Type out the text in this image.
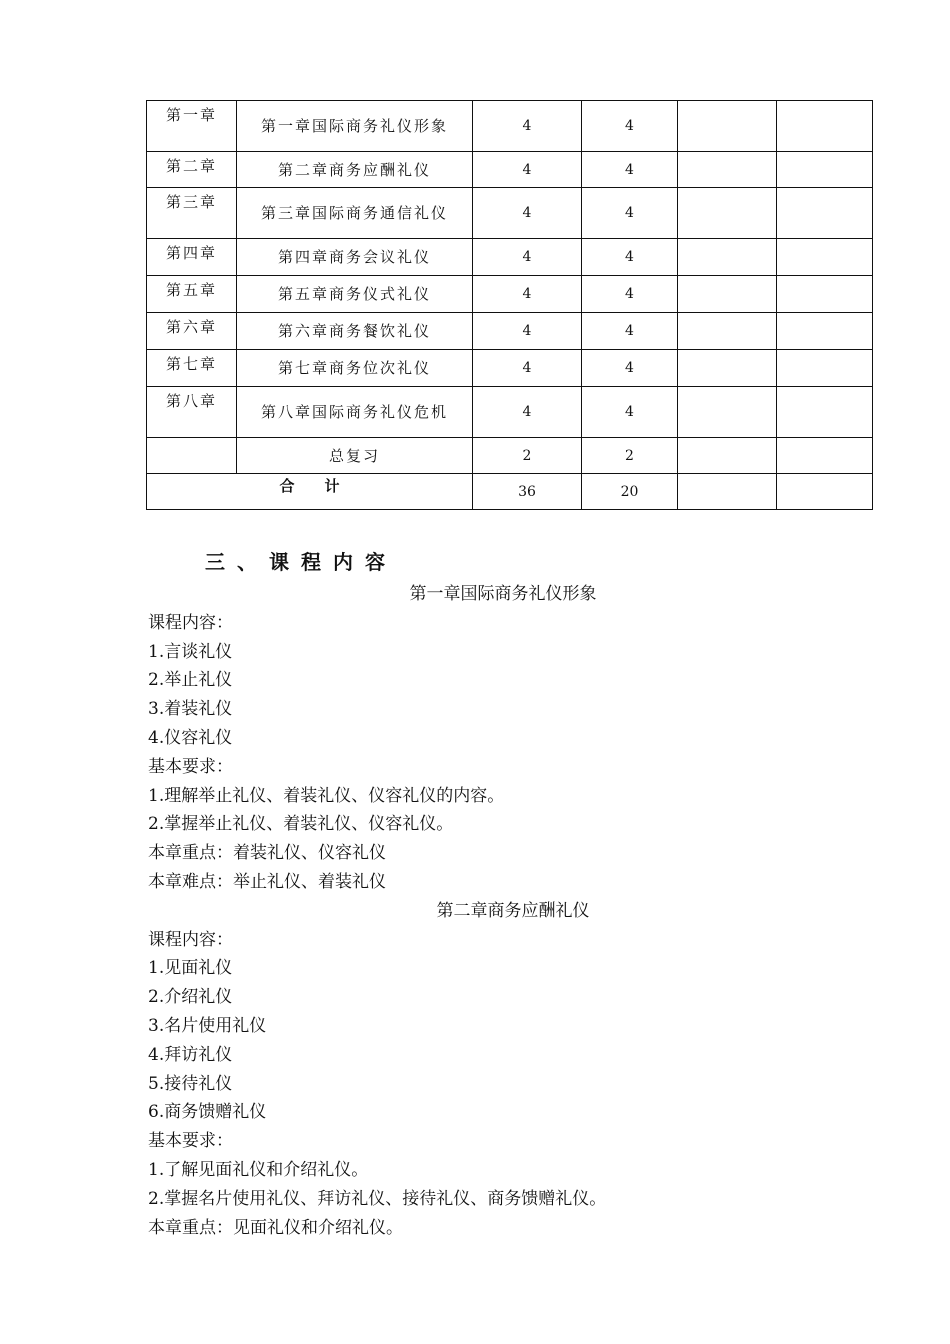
第一章	第一章国际商务礼仪形象	4	4		
第二章	第二章商务应酬礼仪	4	4		
第三章	第三章国际商务通信礼仪	4	4		
第四章	第四章商务会议礼仪	4	4		
第五章	第五章商务仪式礼仪	4	4		
第六章	第六章商务餐饮礼仪	4	4		
第七章	第七章商务位次礼仪	4	4		
第八章	第八章国际商务礼仪危机	4	4		
	总复习	2	2		
合　　计		36	20		
三、课程内容
第一章国际商务礼仪形象
课程内容：
1.言谈礼仪
2.举止礼仪
3.着装礼仪
4.仪容礼仪
基本要求：
1.理解举止礼仪、着装礼仪、仪容礼仪的内容。
2.掌握举止礼仪、着装礼仪、仪容礼仪。
本章重点：着装礼仪、仪容礼仪
本章难点：举止礼仪、着装礼仪
第二章商务应酬礼仪
课程内容：
1.见面礼仪
2.介绍礼仪
3.名片使用礼仪
4.拜访礼仪
5.接待礼仪
6.商务馈赠礼仪
基本要求：
1.了解见面礼仪和介绍礼仪。
2.掌握名片使用礼仪、拜访礼仪、接待礼仪、商务馈赠礼仪。
本章重点：见面礼仪和介绍礼仪。
